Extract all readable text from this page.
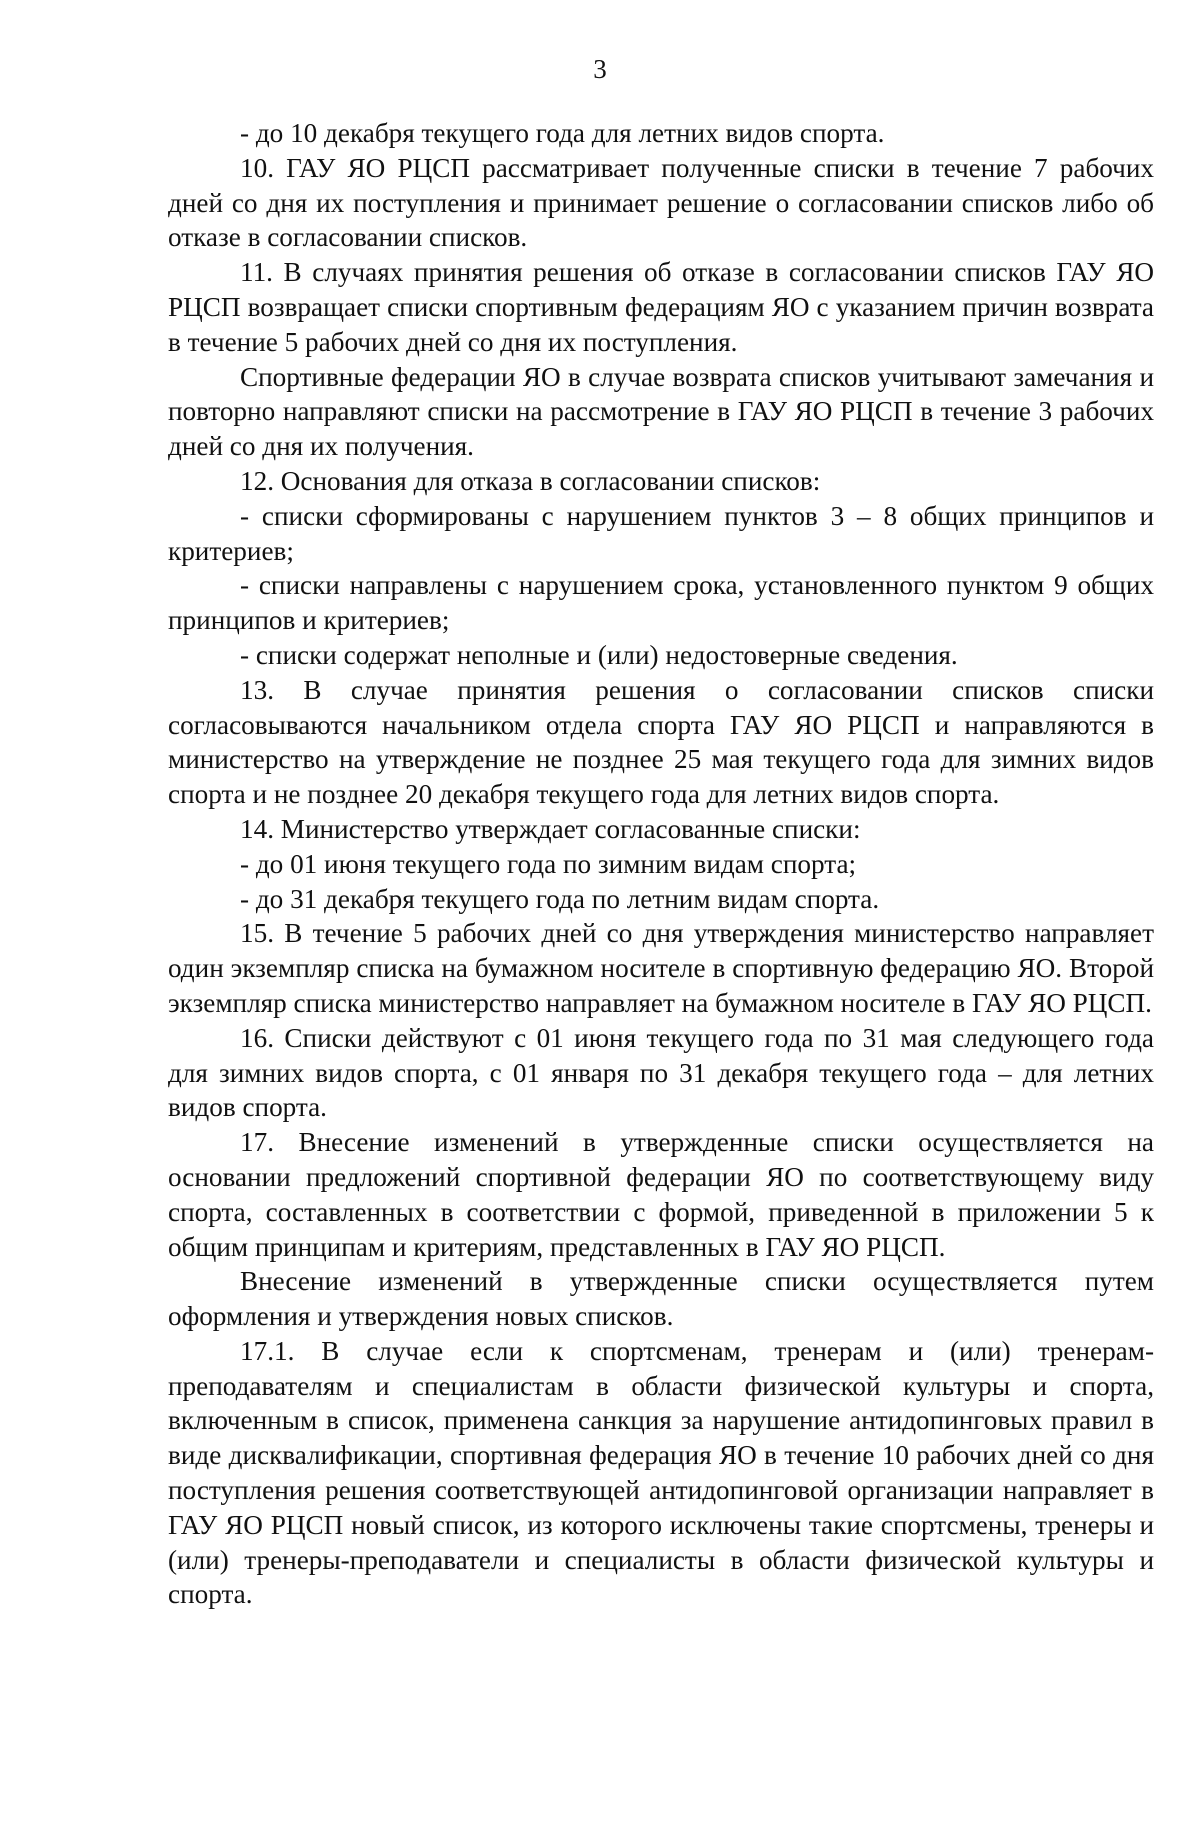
3

- до 10 декабря текущего года для летних видов спорта.

10. ГАУ ЯО РЦСП рассматривает полученные списки в течение 7 рабочих дней со дня их поступления и принимает решение о согласовании списков либо об отказе в согласовании списков.

11. В случаях принятия решения об отказе в согласовании списков ГАУ ЯО РЦСП возвращает списки спортивным федерациям ЯО с указанием причин возврата в течение 5 рабочих дней со дня их поступления.

Спортивные федерации ЯО в случае возврата списков учитывают замечания и повторно направляют списки на рассмотрение в ГАУ ЯО РЦСП в течение 3 рабочих дней со дня их получения.

12. Основания для отказа в согласовании списков:

- списки сформированы с нарушением пунктов 3 – 8 общих принципов и критериев;

- списки направлены с нарушением срока, установленного пунктом 9 общих принципов и критериев;

- списки содержат неполные и (или) недостоверные сведения.

13. В случае принятия решения о согласовании списков списки согласовываются начальником отдела спорта ГАУ ЯО РЦСП и направляются в министерство на утверждение не позднее 25 мая текущего года для зимних видов спорта и не позднее 20 декабря текущего года для летних видов спорта.

14. Министерство утверждает согласованные списки:

- до 01 июня текущего года по зимним видам спорта;

- до 31 декабря текущего года по летним видам спорта.

15. В течение 5 рабочих дней со дня утверждения министерство направляет один экземпляр списка на бумажном носителе в спортивную федерацию ЯО. Второй экземпляр списка министерство направляет на бумажном носителе в ГАУ ЯО РЦСП.

16. Списки действуют с 01 июня текущего года по 31 мая следующего года для зимних видов спорта, с 01 января по 31 декабря текущего года – для летних видов спорта.

17. Внесение изменений в утвержденные списки осуществляется на основании предложений спортивной федерации ЯО по соответствующему виду спорта, составленных в соответствии с формой, приведенной в приложении 5 к общим принципам и критериям, представленных в ГАУ ЯО РЦСП.

Внесение изменений в утвержденные списки осуществляется путем оформления и утверждения новых списков.

17.1. В случае если к спортсменам, тренерам и (или) тренерам-преподавателям и специалистам в области физической культуры и спорта, включенным в список, применена санкция за нарушение антидопинговых правил в виде дисквалификации, спортивная федерация ЯО в течение 10 рабочих дней со дня поступления решения соответствующей антидопинговой организации направляет в ГАУ ЯО РЦСП новый список, из которого исключены такие спортсмены, тренеры и (или) тренеры-преподаватели и специалисты в области физической культуры и спорта.
